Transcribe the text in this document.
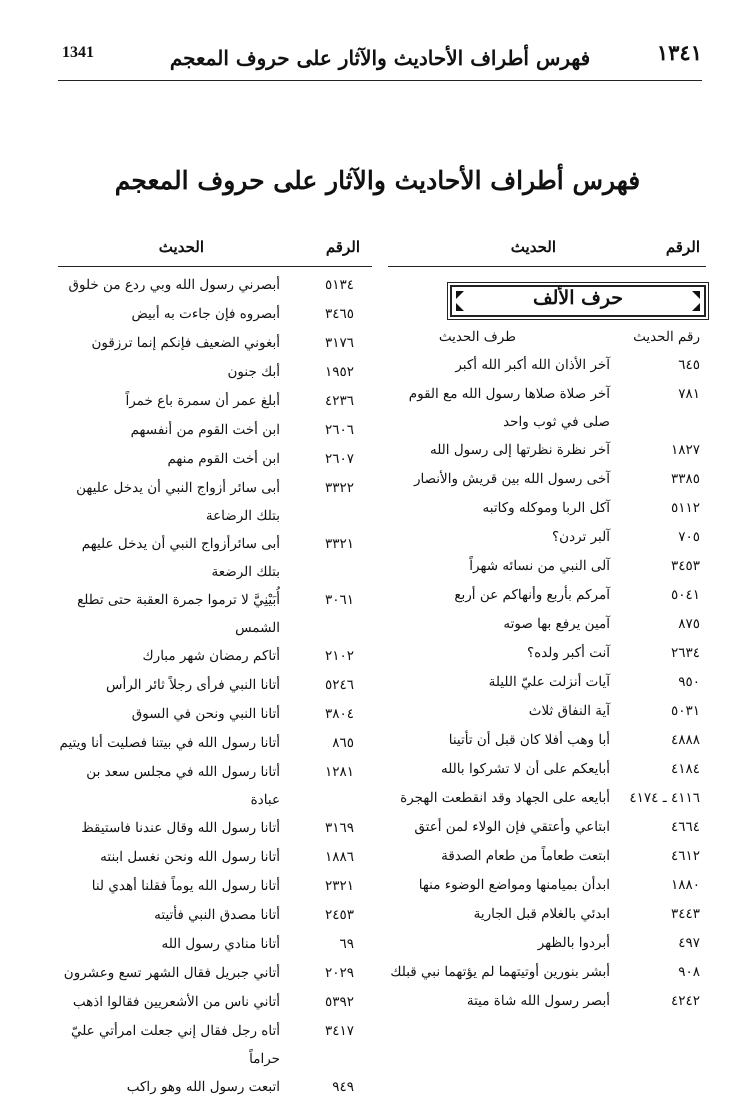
١٣٤١
فهرس أطراف الأحاديث والآثار على حروف المعجم
1341
فهرس أطراف الأحاديث والآثار على حروف المعجم
الرقم
الحديث
حرف الألف
رقم الحديث
طرف الحديث
٦٤٥
آخر الأذان الله أكبر الله أكبر
٧٨١
آخر صلاة صلاها رسول الله مع القوم صلى في ثوب واحد
١٨٢٧
آخر نظرة نظرتها إلى رسول الله
٣٣٨٥
آخى رسول الله بين قريش والأنصار
٥١١٢
آكل الربا وموكله وكاتبه
٧٠٥
آلبر تردن؟
٣٤٥٣
آلى النبي من نسائه شهراً
٥٠٤١
آمركم بأربع وأنهاكم عن أربع
٨٧٥
آمين يرفع بها صوته
٢٦٣٤
آنت أكبر ولده؟
٩٥٠
آيات أنزلت عليّ الليلة
٥٠٣١
آية النفاق ثلاث
٤٨٨٨
أبا وهب أفلا كان قبل أن تأتينا
٤١٨٤
أبايعكم على أن لا تشركوا بالله
٤١١٦ ـ ٤١٧٤
أبايعه على الجهاد وقد انقطعت الهجرة
٤٦٦٤
ابتاعي وأعتقي فإن الولاء لمن أعتق
٤٦١٢
ابتعت طعاماً من طعام الصدقة
١٨٨٠
ابدأن بميامنها ومواضع الوضوء منها
٣٤٤٣
ابدئي بالغلام قبل الجارية
٤٩٧
أبردوا بالظهر
٩٠٨
أبشر بنورين أوتيتهما لم يؤتهما نبي قبلك
٤٢٤٢
أبصر رسول الله شاة ميتة
الرقم
الحديث
٥١٣٤
أبصرني رسول الله وبي ردع من خلوق
٣٤٦٥
أبصروه فإن جاءت به أبيض
٣١٧٦
أبغوني الضعيف فإنكم إنما ترزقون
١٩٥٢
أبك جنون
٤٢٣٦
أبلغ عمر أن سمرة باع خمراً
٢٦٠٦
ابن أخت القوم من أنفسهم
٢٦٠٧
ابن أخت القوم منهم
٣٣٢٢
أبى سائر أزواج النبي أن يدخل عليهن بتلك الرضاعة
٣٣٢١
أبى سائرأزواج النبي أن يدخل عليهم بتلك الرضعة
٣٠٦١
أُبَيْنِيَّ لا ترموا جمرة العقبة حتى تطلع الشمس
٢١٠٢
أتاكم رمضان شهر مبارك
٥٢٤٦
أتانا النبي فرأى رجلاً ثائر الرأس
٣٨٠٤
أتانا النبي ونحن في السوق
٨٦٥
أتانا رسول الله في بيتنا فصليت أنا ويتيم
١٢٨١
أتانا رسول الله في مجلس سعد بن عبادة
٣١٦٩
أتانا رسول الله وقال عندنا فاستيقظ
١٨٨٦
أتانا رسول الله ونحن نغسل ابنته
٢٣٢١
أتانا رسول الله يوماً فقلنا أهدي لنا
٢٤٥٣
أتانا مصدق النبي فأتيته
٦٩
أتانا منادي رسول الله
٢٠٢٩
أتاني جبريل فقال الشهر تسع وعشرون
٥٣٩٢
أتاني ناس من الأشعريين فقالوا اذهب
٣٤١٧
أتاه رجل فقال إني جعلت امرأتي عليّ حراماً
٩٤٩
اتبعت رسول الله وهو راكب
